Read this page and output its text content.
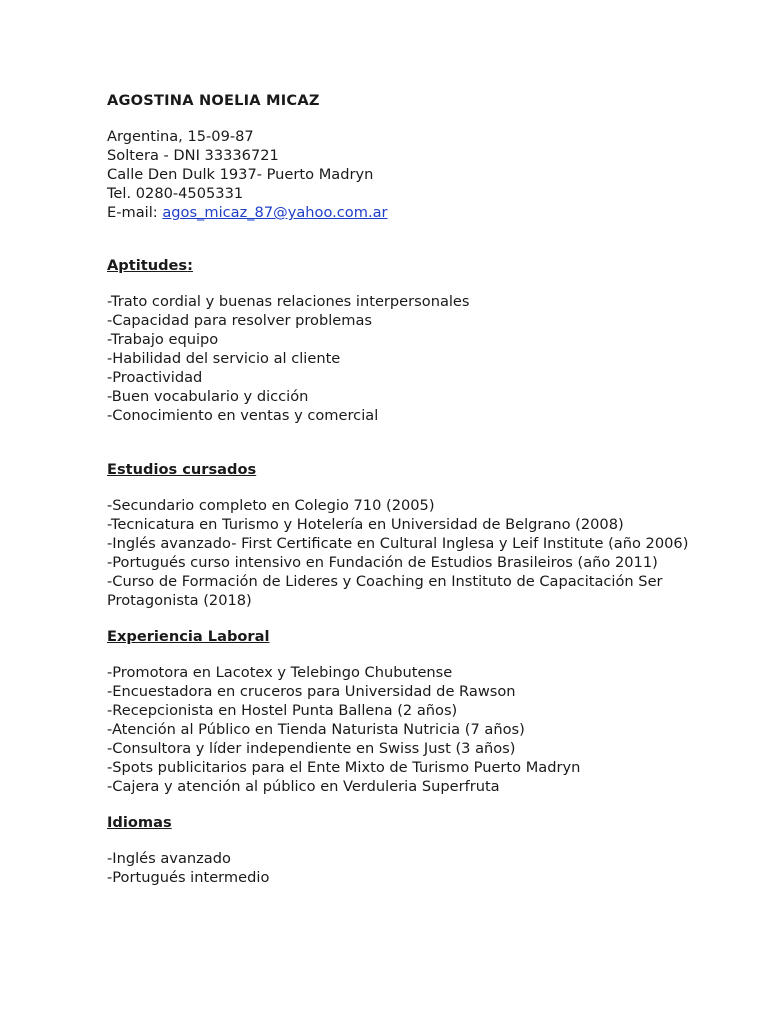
AGOSTINA NOELIA MICAZ
Argentina, 15-09-87
Soltera - DNI 33336721
Calle Den Dulk 1937- Puerto Madryn
Tel. 0280-4505331
E-mail: agos_micaz_87@yahoo.com.ar
Aptitudes:
-Trato cordial y buenas relaciones interpersonales
-Capacidad para resolver problemas
-Trabajo equipo
-Habilidad del servicio al cliente
-Proactividad
-Buen vocabulario y dicción
-Conocimiento en ventas y comercial
Estudios cursados
-Secundario completo en Colegio 710 (2005)
-Tecnicatura en Turismo y Hotelería en Universidad de Belgrano (2008)
-Inglés avanzado- First Certificate en Cultural Inglesa y Leif Institute (año 2006)
-Portugués curso intensivo en Fundación de Estudios Brasileiros (año 2011)
-Curso de Formación de Lideres y Coaching en Instituto de Capacitación Ser Protagonista (2018)
Experiencia Laboral
-Promotora en Lacotex y Telebingo Chubutense
-Encuestadora en cruceros para Universidad de Rawson
-Recepcionista en Hostel Punta Ballena (2 años)
-Atención al Público en Tienda Naturista Nutricia (7 años)
-Consultora y líder independiente en Swiss Just (3 años)
-Spots publicitarios para el Ente Mixto de Turismo Puerto Madryn
-Cajera y atención al público en Verduleria Superfruta
Idiomas
-Inglés avanzado
-Portugués intermedio
